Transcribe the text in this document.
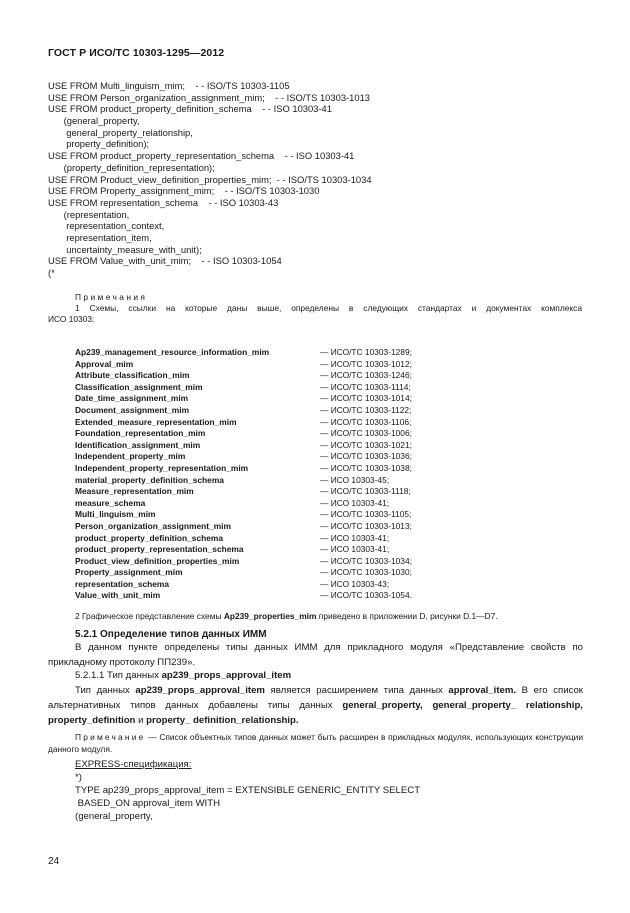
ГОСТ Р ИСО/ТС 10303-1295—2012
USE FROM Multi_linguism_mim;    - - ISO/TS 10303-1105
USE FROM Person_organization_assignment_mim;    - - ISO/TS 10303-1013
USE FROM product_property_definition_schema    - - ISO 10303-41
(general_property,
general_property_relationship,
property_definition);
USE FROM product_property_representation_schema    - - ISO 10303-41
(property_definition_representation);
USE FROM Product_view_definition_properties_mim;  - - ISO/TS 10303-1034
USE FROM Property_assignment_mim;    - - ISO/TS 10303-1030
USE FROM representation_schema    - - ISO 10303-43
(representation,
representation_context,
representation_item,
uncertainty_measure_with_unit);
USE FROM Value_with_unit_mim;    - - ISO 10303-1054
(*
Примечания
1 Схемы, ссылки на которые даны выше, определены в следующих стандартах и документах комплекса
ИСО 10303:
Ap239_management_resource_information_mim	— ИСО/ТС 10303-1289;
Approval_mim	— ИСО/ТС 10303-1012;
Attribute_classification_mim	— ИСО/ТС 10303-1246;
Classification_assignment_mim	— ИСО/ТС 10303-1114;
Date_time_assignment_mim	— ИСО/ТС 10303-1014;
Document_assignment_mim	— ИСО/ТС 10303-1122;
Extended_measure_representation_mim	— ИСО/ТС 10303-1106;
Foundation_representation_mim	— ИСО/ТС 10303-1006;
Identification_assignment_mim	— ИСО/ТС 10303-1021;
Independent_property_mim	— ИСО/ТС 10303-1036;
Independent_property_representation_mim	— ИСО/ТС 10303-1038;
material_property_definition_schema	— ИСО 10303-45;
Measure_representation_mim	— ИСО/ТС 10303-1118;
measure_schema	— ИСО 10303-41;
Multi_linguism_mim	— ИСО/ТС 10303-1105;
Person_organization_assignment_mim	— ИСО/ТС 10303-1013;
product_property_definition_schema	— ИСО 10303-41;
product_property_representation_schema	— ИСО 10303-41;
Product_view_definition_properties_mim	— ИСО/ТС 10303-1034;
Property_assignment_mim	— ИСО/ТС 10303-1030;
representation_schema	— ИСО 10303-43;
Value_with_unit_mim	— ИСО/ТС 10303-1054.
2 Графическое представление схемы Ap239_properties_mim приведено в приложении D, рисунки D.1—D7.
5.2.1 Определение типов данных ИММ
В данном пункте определены типы данных ИММ для прикладного модуля «Представление свойств по прикладному протоколу ПП239».
5.2.1.1 Тип данных ap239_props_approval_item
Тип данных ap239_props_approval_item является расширением типа данных approval_item. В его список альтернативных типов данных добавлены типы данных general_property, general_property_ relationship, property_definition и property_ definition_relationship.
Примечание — Список объектных типов данных может быть расширен в прикладных модулях, использующих конструкции данного модуля.
EXPRESS-спецификация:
*)
TYPE ap239_props_approval_item = EXTENSIBLE GENERIC_ENTITY SELECT
BASED_ON approval_item WITH
(general_property,
24
